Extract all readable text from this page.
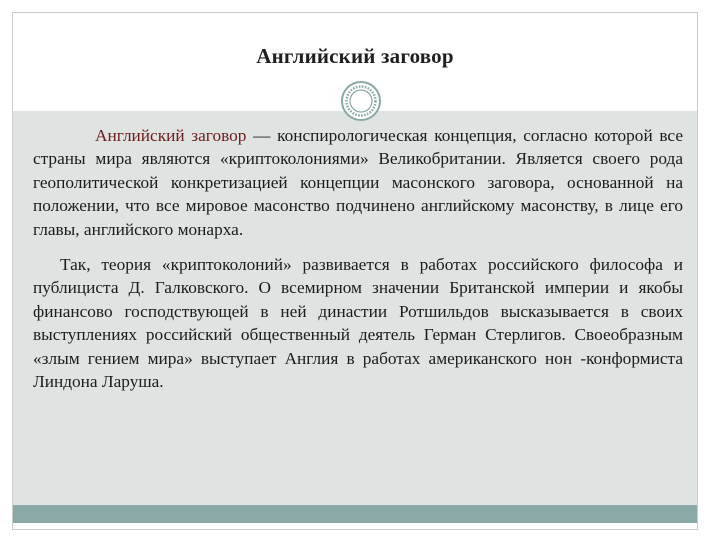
Английский заговор

Английский заговор — конспирологическая концепция, согласно которой все страны мира являются «криптоколониями» Великобритании. Является своего рода геополитической конкретизацией концепции масонского заговора, основанной на положении, что все мировое масонство подчинено английскому масонству, в лице его главы, английского монарха.

Так, теория «криптоколоний» развивается в работах российского философа и публициста Д. Галковского. О всемирном значении Британской империи и якобы финансово господствующей в ней династии Ротшильдов высказывается в своих выступлениях российский общественный деятель Герман Стерлигов. Своеобразным «злым гением мира» выступает Англия в работах американского нон -конформиста Линдона Ларуша.
